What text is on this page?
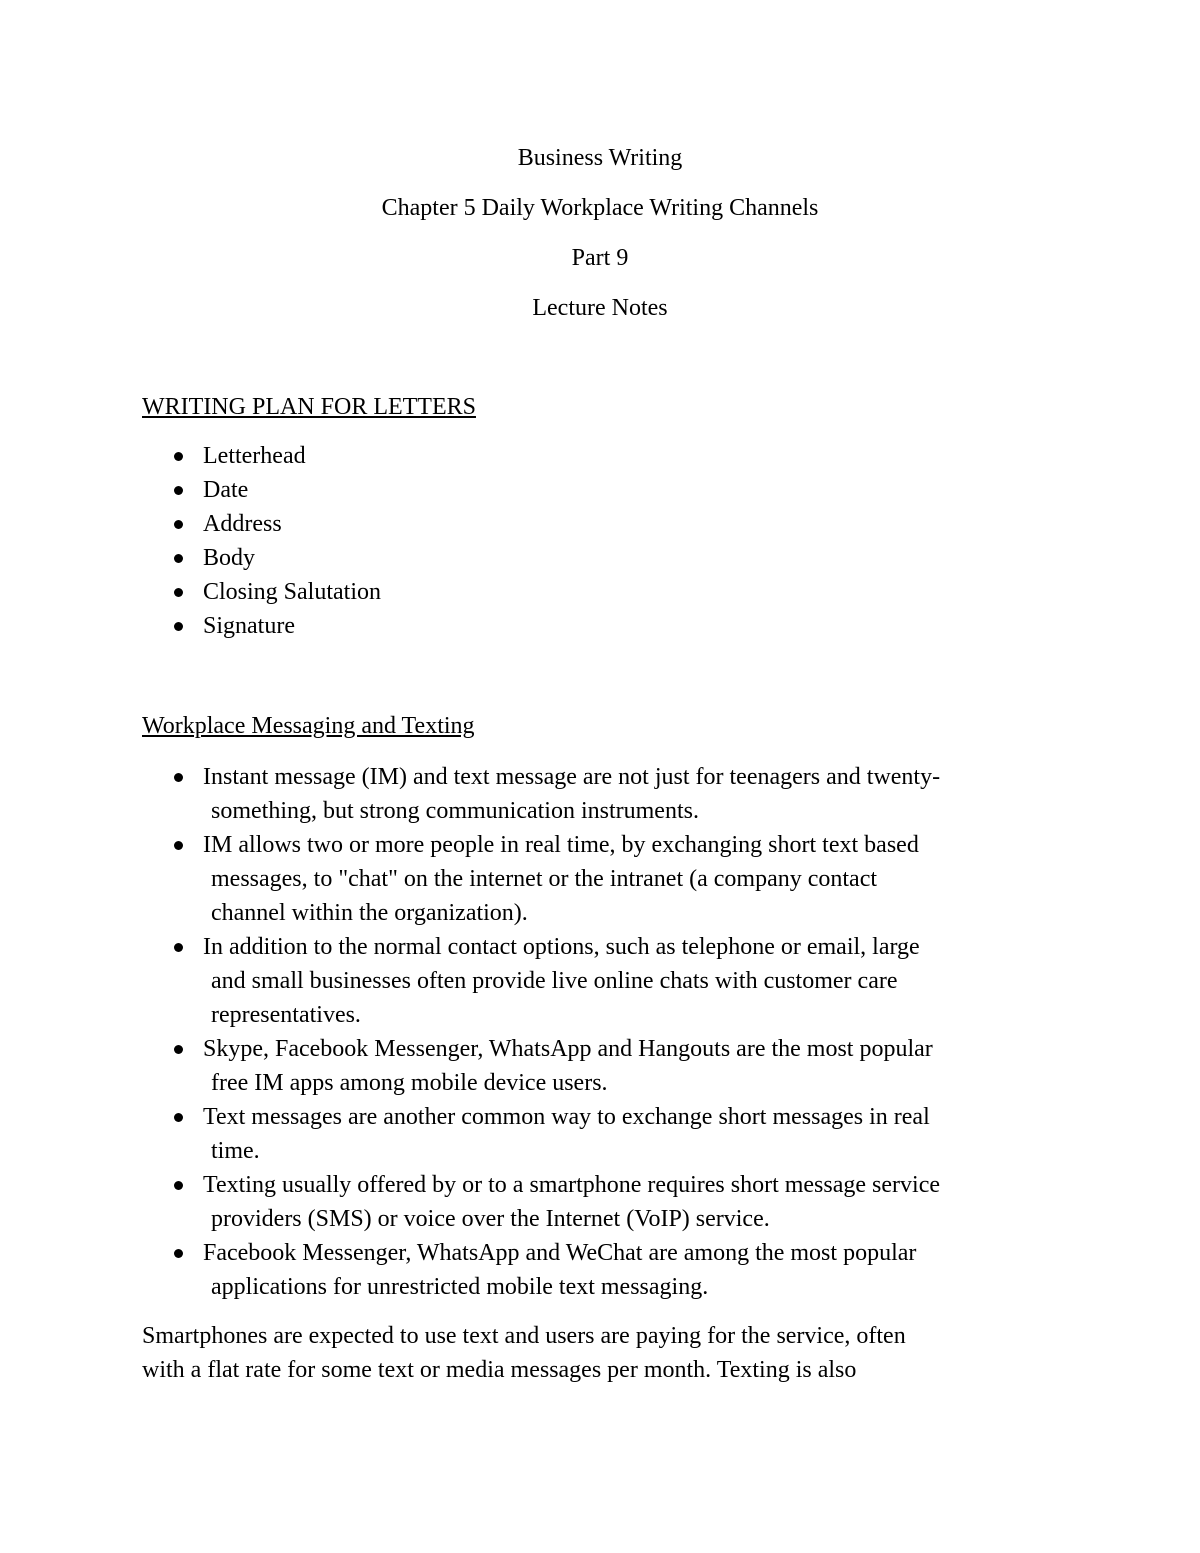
Business Writing
Chapter 5 Daily Workplace Writing Channels
Part 9
Lecture Notes
WRITING PLAN FOR LETTERS
Letterhead
Date
Address
Body
Closing Salutation
Signature
Workplace Messaging and Texting
Instant message (IM) and text message are not just for teenagers and twenty-
something, but strong communication instruments.
IM allows two or more people in real time, by exchanging short text based
messages, to "chat" on the internet or the intranet (a company contact
channel within the organization).
In addition to the normal contact options, such as telephone or email, large
and small businesses often provide live online chats with customer care
representatives.
Skype, Facebook Messenger, WhatsApp and Hangouts are the most popular
free IM apps among mobile device users.
Text messages are another common way to exchange short messages in real
time.
Texting usually offered by or to a smartphone requires short message service
providers (SMS) or voice over the Internet (VoIP) service.
Facebook Messenger, WhatsApp and WeChat are among the most popular
applications for unrestricted mobile text messaging.
Smartphones are expected to use text and users are paying for the service, often
with a flat rate for some text or media messages per month. Texting is also
